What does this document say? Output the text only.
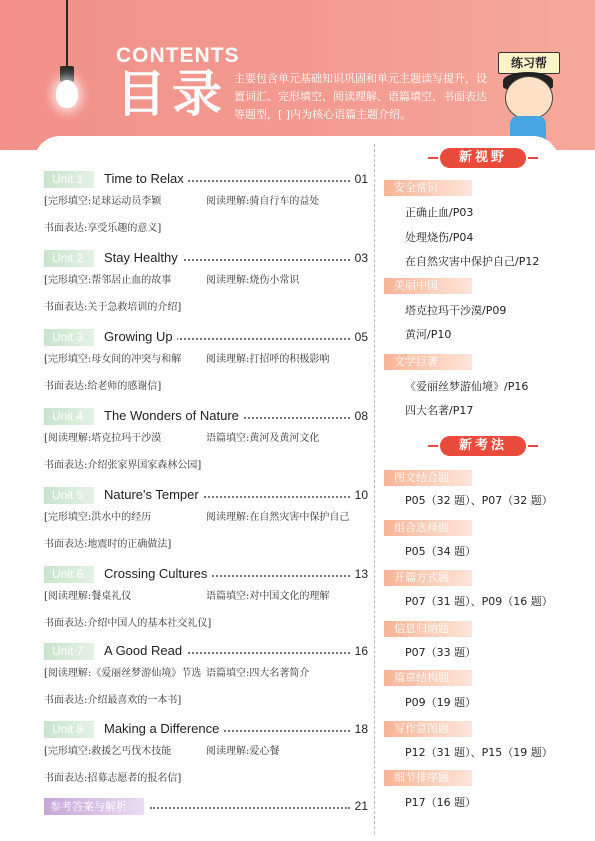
CONTENTS
目录 主要包含单元基础知识巩固和单元主题读写提升，设置词汇、完形填空、阅读理解、语篇填空、书面表达等题型，[ ]内为核心语篇主题介绍。
练习帮
Unit 1	Time to Relax	01
[完形填空:足球运动员李颖	阅读理解:骑自行车的益处
书面表达:享受乐趣的意义]
Unit 2	Stay Healthy	03
[完形填空:帮邻居止血的故事	阅读理解:烧伤小常识
书面表达:关于急救培训的介绍]
Unit 3	Growing Up	05
[完形填空:母女间的冲突与和解 阅读理解:打招呼的积极影响
书面表达:给老师的感谢信]
Unit 4	The Wonders of Nature	08
[阅读理解:塔克拉玛干沙漠	语篇填空:黄河及黄河文化
书面表达:介绍张家界国家森林公园]
Unit 5	Nature's Temper	10
[完形填空:洪水中的经历	阅读理解:在自然灾害中保护自己
书面表达:地震时的正确做法]
Unit 6	Crossing Cultures	13
[阅读理解:餐桌礼仪	语篇填空:对中国文化的理解
书面表达:介绍中国人的基本社交礼仪]
Unit 7	A Good Read	16
[阅读理解:《爱丽丝梦游仙境》节选 语篇填空:四大名著简介
书面表达:介绍最喜欢的一本书]
Unit 8	Making a Difference	18
[完形填空:救援乞丐伐木技能	阅读理解:爱心餐
书面表达:招募志愿者的报名信]
参考答案与解析	21
新视野
安全常识
正确止血/P03
处理烧伤/P04
在自然灾害中保护自己/P12
美丽中国
塔克拉玛干沙漠/P09
黄河/P10
文学巨著
《爱丽丝梦游仙境》/P16
四大名著/P17
新考法
图文结合题
P05（32 题）、P07（32 题）
组合选择题
P05（34 题）
开篇方式题
P07（31 题）、P09（16 题）
信息归纳题
P07（33 题）
篇章结构题
P09（19 题）
写作意图题
P12（31 题）、P15（19 题）
细节排序题
P17（16 题）
